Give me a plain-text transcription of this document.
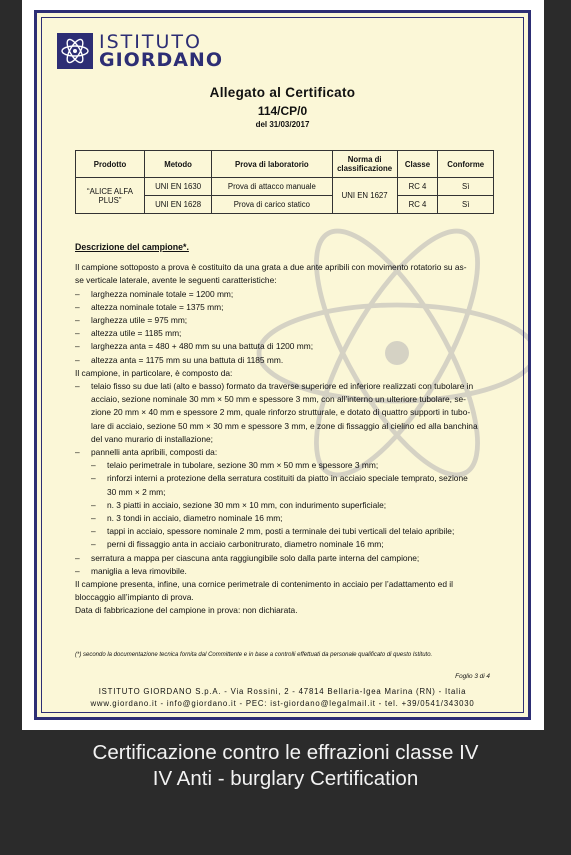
ISTITUTO
GIORDANO
Allegato al Certificato
114/CP/0
del 31/03/2017
Prodotto	Metodo	Prova di laboratorio	Norma di classificazione	Classe	Conforme
“ALICE ALFA PLUS”	UNI EN 1630	Prova di attacco manuale	UNI EN 1627	RC 4	Sì
	UNI EN 1628	Prova di carico statico		RC 4	Sì
Descrizione del campione*.
Il campione sottoposto a prova è costituito da una grata a due ante apribili con movimento rotatorio su as-
se verticale laterale, avente le seguenti caratteristiche:
– larghezza nominale totale = 1200 mm;
– altezza nominale totale = 1375 mm;
– larghezza utile = 975 mm;
– altezza utile = 1185 mm;
– larghezza anta = 480 + 480 mm su una battuta di 1200 mm;
– altezza anta = 1175 mm su una battuta di 1185 mm.
Il campione, in particolare, è composto da:
– telaio fisso su due lati (alto e basso) formato da traverse superiore ed inferiore realizzati con tubolare in
acciaio, sezione nominale 30 mm × 50 mm e spessore 3 mm, con all’interno un ulteriore tubolare, se-
zione 20 mm × 40 mm e spessore 2 mm, quale rinforzo strutturale, e dotato di quattro supporti in tubo-
lare di acciaio, sezione 50 mm × 30 mm e spessore 3 mm, e zone di fissaggio al cielino ed alla banchina
del vano murario di installazione;
– pannelli anta apribili, composti da:
– telaio perimetrale in tubolare, sezione 30 mm × 50 mm e spessore 3 mm;
– rinforzi interni a protezione della serratura costituiti da piatto in acciaio speciale temprato, sezione
30 mm × 2 mm;
– n. 3 piatti in acciaio, sezione 30 mm × 10 mm, con indurimento superficiale;
– n. 3 tondi in acciaio, diametro nominale 16 mm;
– tappi in acciaio, spessore nominale 2 mm, posti a terminale dei tubi verticali del telaio apribile;
– perni di fissaggio anta in acciaio carbonitrurato, diametro nominale 16 mm;
– serratura a mappa per ciascuna anta raggiungibile solo dalla parte interna del campione;
– maniglia a leva rimovibile.
Il campione presenta, infine, una cornice perimetrale di contenimento in acciaio per l’adattamento ed il
bloccaggio all’impianto di prova.
Data di fabbricazione del campione in prova: non dichiarata.
(*) secondo la documentazione tecnica fornita dal Committente e in base a controlli effettuati da personale qualificato di questo Istituto.
Foglio 3 di 4
ISTITUTO GIORDANO S.p.A. - Via Rossini, 2 - 47814 Bellaria-Igea Marina (RN) - Italia
www.giordano.it - info@giordano.it - PEC: ist-giordano@legalmail.it - tel. +39/0541/343030
Certificazione contro le effrazioni classe IV
IV Anti - burglary Certification
